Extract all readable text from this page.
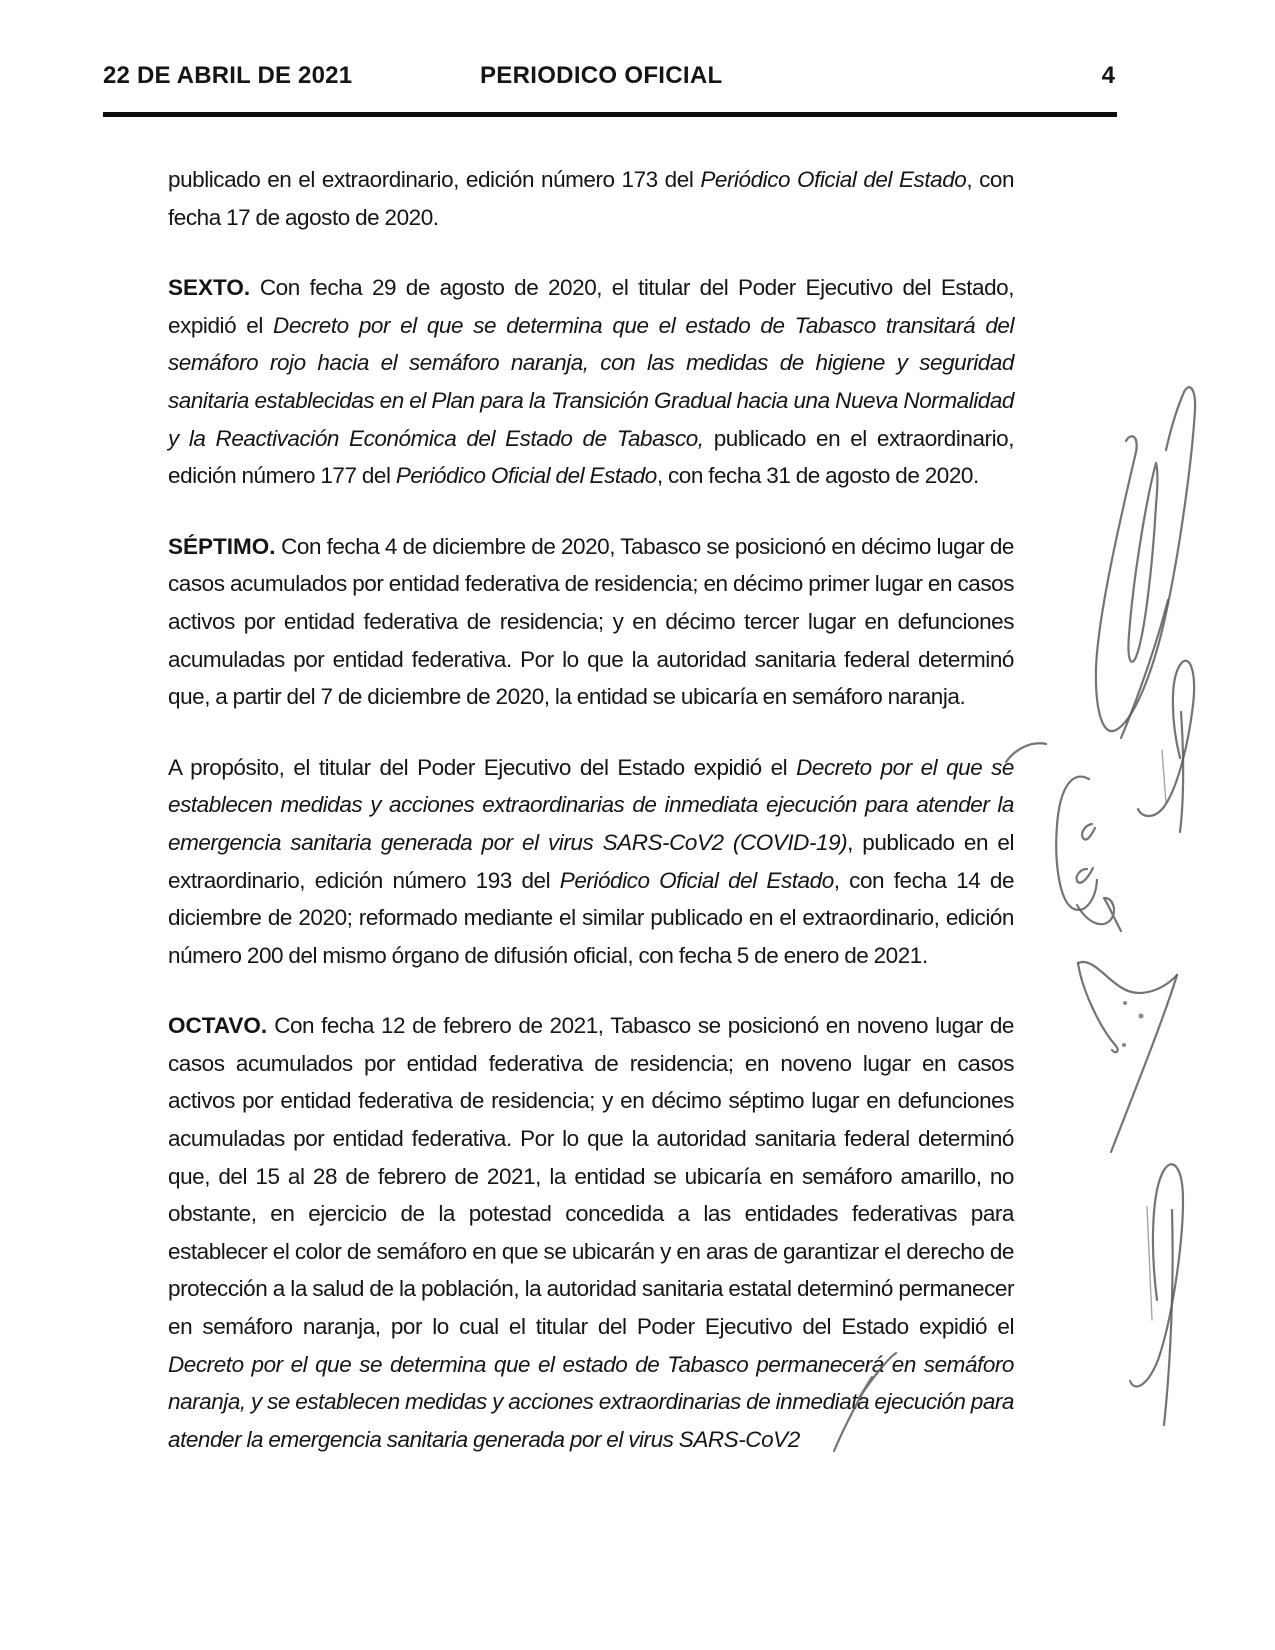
22 DE ABRIL DE 2021	PERIODICO OFICIAL	4

publicado en el extraordinario, edición número 173 del Periódico Oficial del Estado, con fecha 17 de agosto de 2020.

SEXTO. Con fecha 29 de agosto de 2020, el titular del Poder Ejecutivo del Estado, expidió el Decreto por el que se determina que el estado de Tabasco transitará del semáforo rojo hacia el semáforo naranja, con las medidas de higiene y seguridad sanitaria establecidas en el Plan para la Transición Gradual hacia una Nueva Normalidad y la Reactivación Económica del Estado de Tabasco, publicado en el extraordinario, edición número 177 del Periódico Oficial del Estado, con fecha 31 de agosto de 2020.

SÉPTIMO. Con fecha 4 de diciembre de 2020, Tabasco se posicionó en décimo lugar de casos acumulados por entidad federativa de residencia; en décimo primer lugar en casos activos por entidad federativa de residencia; y en décimo tercer lugar en defunciones acumuladas por entidad federativa. Por lo que la autoridad sanitaria federal determinó que, a partir del 7 de diciembre de 2020, la entidad se ubicaría en semáforo naranja.

A propósito, el titular del Poder Ejecutivo del Estado expidió el Decreto por el que se establecen medidas y acciones extraordinarias de inmediata ejecución para atender la emergencia sanitaria generada por el virus SARS-CoV2 (COVID-19), publicado en el extraordinario, edición número 193 del Periódico Oficial del Estado, con fecha 14 de diciembre de 2020; reformado mediante el similar publicado en el extraordinario, edición número 200 del mismo órgano de difusión oficial, con fecha 5 de enero de 2021.

OCTAVO. Con fecha 12 de febrero de 2021, Tabasco se posicionó en noveno lugar de casos acumulados por entidad federativa de residencia; en noveno lugar en casos activos por entidad federativa de residencia; y en décimo séptimo lugar en defunciones acumuladas por entidad federativa. Por lo que la autoridad sanitaria federal determinó que, del 15 al 28 de febrero de 2021, la entidad se ubicaría en semáforo amarillo, no obstante, en ejercicio de la potestad concedida a las entidades federativas para establecer el color de semáforo en que se ubicarán y en aras de garantizar el derecho de protección a la salud de la población, la autoridad sanitaria estatal determinó permanecer en semáforo naranja, por lo cual el titular del Poder Ejecutivo del Estado expidió el Decreto por el que se determina que el estado de Tabasco permanecerá en semáforo naranja, y se establecen medidas y acciones extraordinarias de inmediata ejecución para atender la emergencia sanitaria generada por el virus SARS-CoV2
